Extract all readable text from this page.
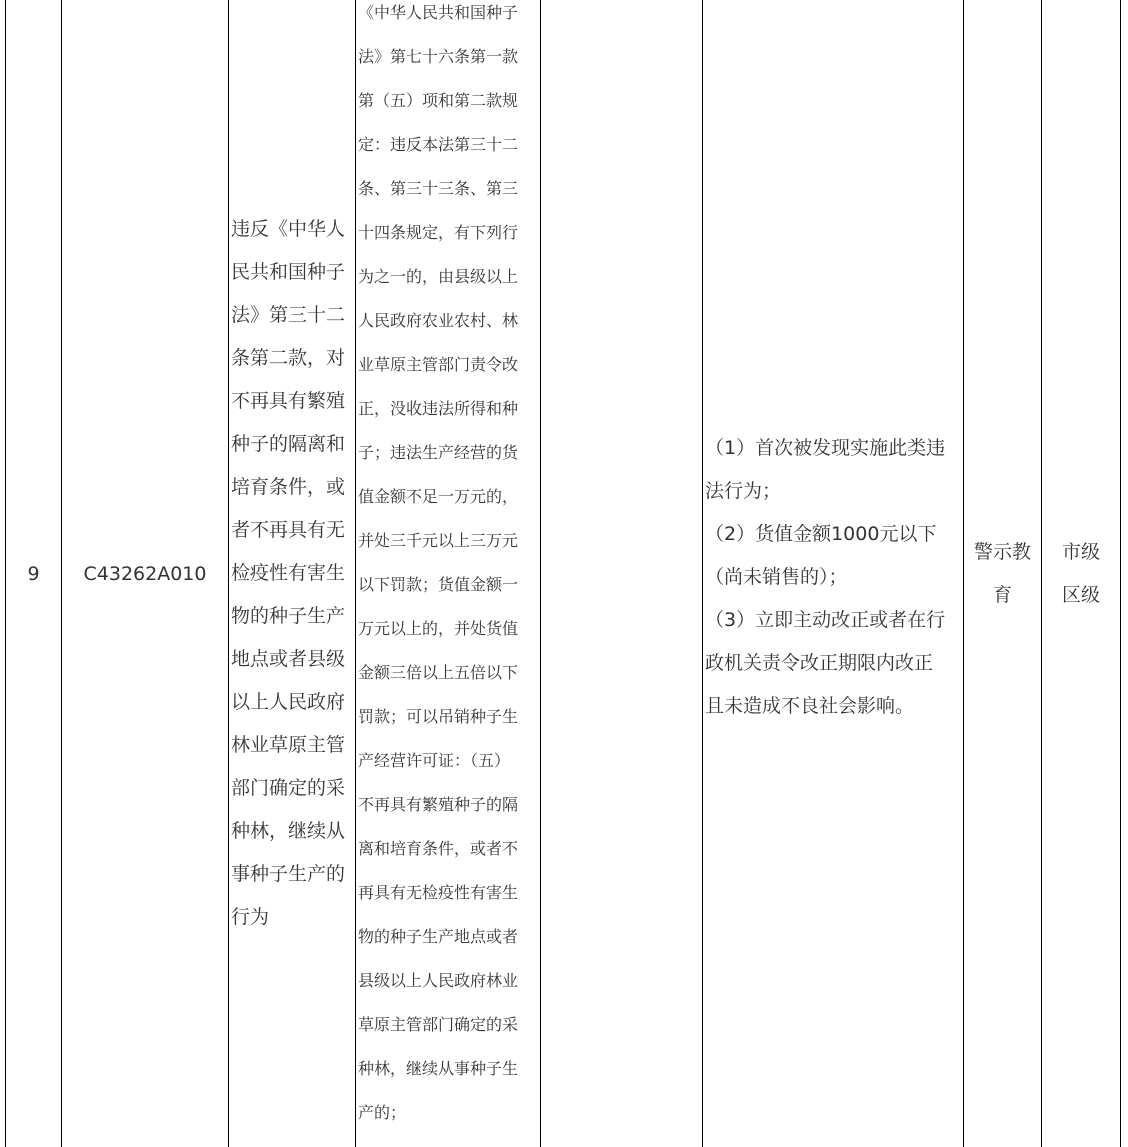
9 C43262A010
违反《中华人
民共和国种子
法》第三十二
条第二款，对
不再具有繁殖
种子的隔离和
培育条件，或
者不再具有无
检疫性有害生
物的种子生产
地点或者县级
以上人民政府
林业草原主管
部门确定的采
种林，继续从
事种子生产的
行为
《中华人民共和国种子
法》第七十六条第一款
第（五）项和第二款规
定：违反本法第三十二
条、第三十三条、第三
十四条规定，有下列行
为之一的，由县级以上
人民政府农业农村、林
业草原主管部门责令改
正，没收违法所得和种
子；违法生产经营的货
值金额不足一万元的，
并处三千元以上三万元
以下罚款；货值金额一
万元以上的，并处货值
金额三倍以上五倍以下
罚款；可以吊销种子生
产经营许可证：（五）
不再具有繁殖种子的隔
离和培育条件，或者不
再具有无检疫性有害生
物的种子生产地点或者
县级以上人民政府林业
草原主管部门确定的采
种林，继续从事种子生
产的；
（1）首次被发现实施此类违
法行为；
（2）货值金额1000元以下
（尚未销售的）；
（3）立即主动改正或者在行
政机关责令改正期限内改正
且未造成不良社会影响。
警示教
育
市级
区级
